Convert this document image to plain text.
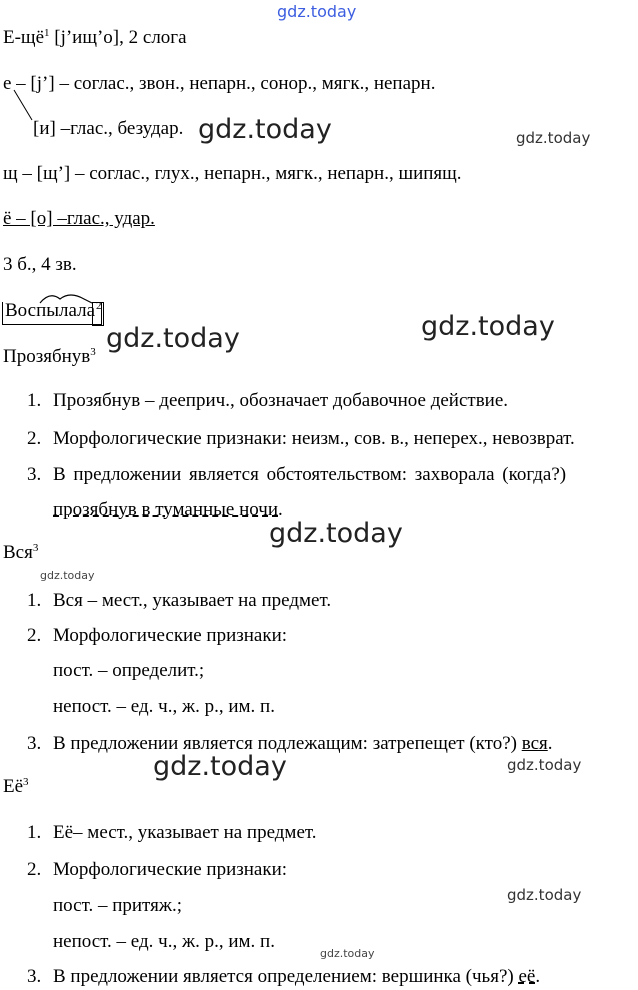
gdz.today
gdz.today	gdz.today
gdz.today
gdz.today
gdz.today
gdz.today
gdz.today	gdz.today
gdz.today
gdz.today
$Е-щё^1$ [j’ищ’о], 2 слога
е – [j’] – соглас., звон., непарн., сонор., мягк., непарн.
[и] –глас., безудар.
щ – [щ’] – соглас., глух., непарн., мягк., непарн., шипящ.
ё – [о] –глас., удар.
3 б., 4 зв.
Воспылала
$^2$
Прозябнув$^3$
1. Прозябнув – дееприч., обозначает добавочное действие.
2. Морфологические признаки: неизм., сов. в., неперех., невозврат.
3. В предложении является обстоятельством: захворала (когда?)
прозябнув в туманные ночи.
Вся$^3$
1. Вся – мест., указывает на предмет.
2. Морфологические признаки:
пост. – определит.;
непост. – ед. ч., ж. р., им. п.
3. В предложении является подлежащим: затрепещет (кто?) вся.
$Её^3$
1. Её– мест., указывает на предмет.
2. Морфологические признаки:
пост. – притяж.;
непост. – ед. ч., ж. р., им. п.
3. В предложении является определением: вершинка (чья?) её.
